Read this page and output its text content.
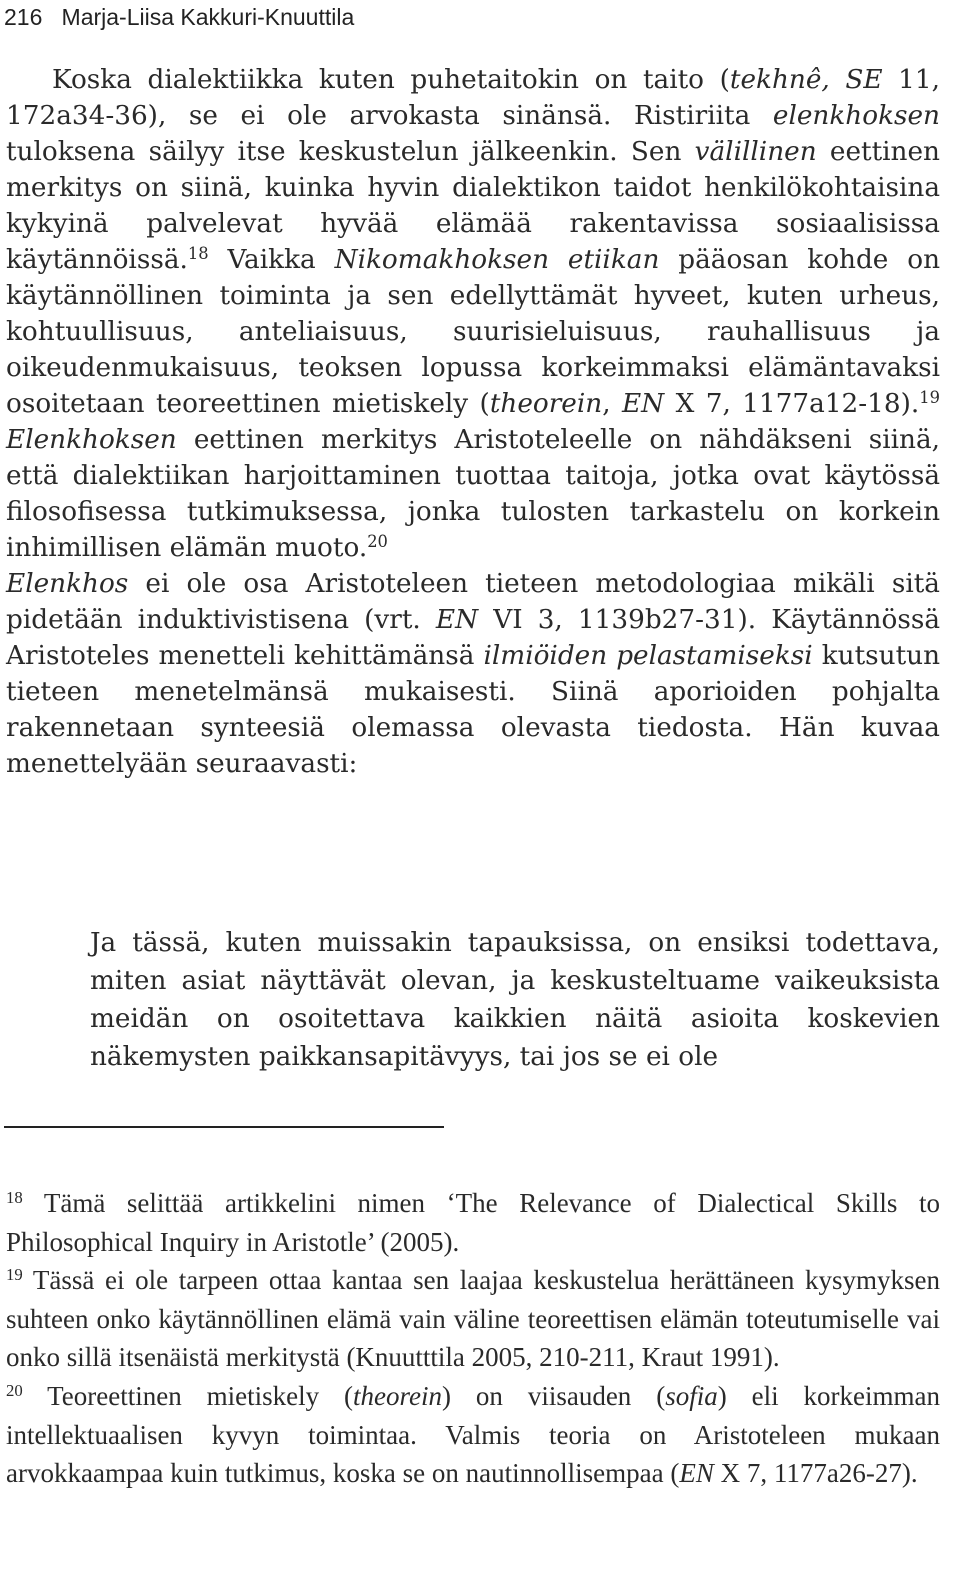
216 Marja-Liisa Kakkuri-Knuuttila

Koska dialektiikka kuten puhetaitokin on taito (tekhnê, SE 11, 172a34-36), se ei ole arvokasta sinänsä. Ristiriita elenkhoksen tuloksena säilyy itse keskustelun jälkeenkin. Sen välillinen eettinen merkitys on siinä, kuinka hyvin dialektikon taidot henkilökohtaisina kykyinä palvelevat hyvää elämää rakentavissa sosiaalisissa käytännöissä.$^{18}$ Vaikka Nikomakhoksen etiikan pääosan kohde on käytännöllinen toiminta ja sen edellyttämät hyveet, kuten urheus, kohtuullisuus, anteliaisuus, suurisieluisuus, rauhallisuus ja oikeudenmukaisuus, teoksen lopussa korkeimmaksi elämäntavaksi osoitetaan teoreettinen mietiskely (theorein, EN X 7, 1177a12-18).$^{19}$ Elenkhoksen eettinen merkitys Aristoteleelle on nähdäkseni siinä, että dialektiikan harjoittaminen tuottaa taitoja, jotka ovat käytössä filosofisessa tutkimuksessa, jonka tulosten tarkastelu on korkein inhimillisen elämän muoto.$^{20}$

Elenkhos ei ole osa Aristoteleen tieteen metodologiaa mikäli sitä pidetään induktivistisena (vrt. EN VI 3, 1139b27-31). Käytännössä Aristoteles menetteli kehittämänsä ilmiöiden pelastamiseksi kutsutun tieteen menetelmänsä mukaisesti. Siinä aporioiden pohjalta rakennetaan synteesiä olemassa olevasta tiedosta. Hän kuvaa menettelyään seuraavasti:

Ja tässä, kuten muissakin tapauksissa, on ensiksi todettava, miten asiat näyttävät olevan, ja keskusteltuame vaikeuksista meidän on osoitettava kaikkien näitä asioita koskevien näkemysten paikkansapitävyys, tai jos se ei ole

$^{18}$ Tämä selittää artikkelini nimen ‘The Relevance of Dialectical Skills to Philosophical Inquiry in Aristotle’ (2005).

$^{19}$ Tässä ei ole tarpeen ottaa kantaa sen laajaa keskustelua herättäneen kysymyksen suhteen onko käytännöllinen elämä vain väline teoreettisen elämän toteutumiselle vai onko sillä itsenäistä merkitystä (Knuutttila 2005, 210-211, Kraut 1991).

$^{20}$ Teoreettinen mietiskely (theorein) on viisauden (sofia) eli korkeimman intellektuaalisen kyvyn toimintaa. Valmis teoria on Aristoteleen mukaan arvokkaampaa kuin tutkimus, koska se on nautinnollisempaa (EN X 7, 1177a26-27).
